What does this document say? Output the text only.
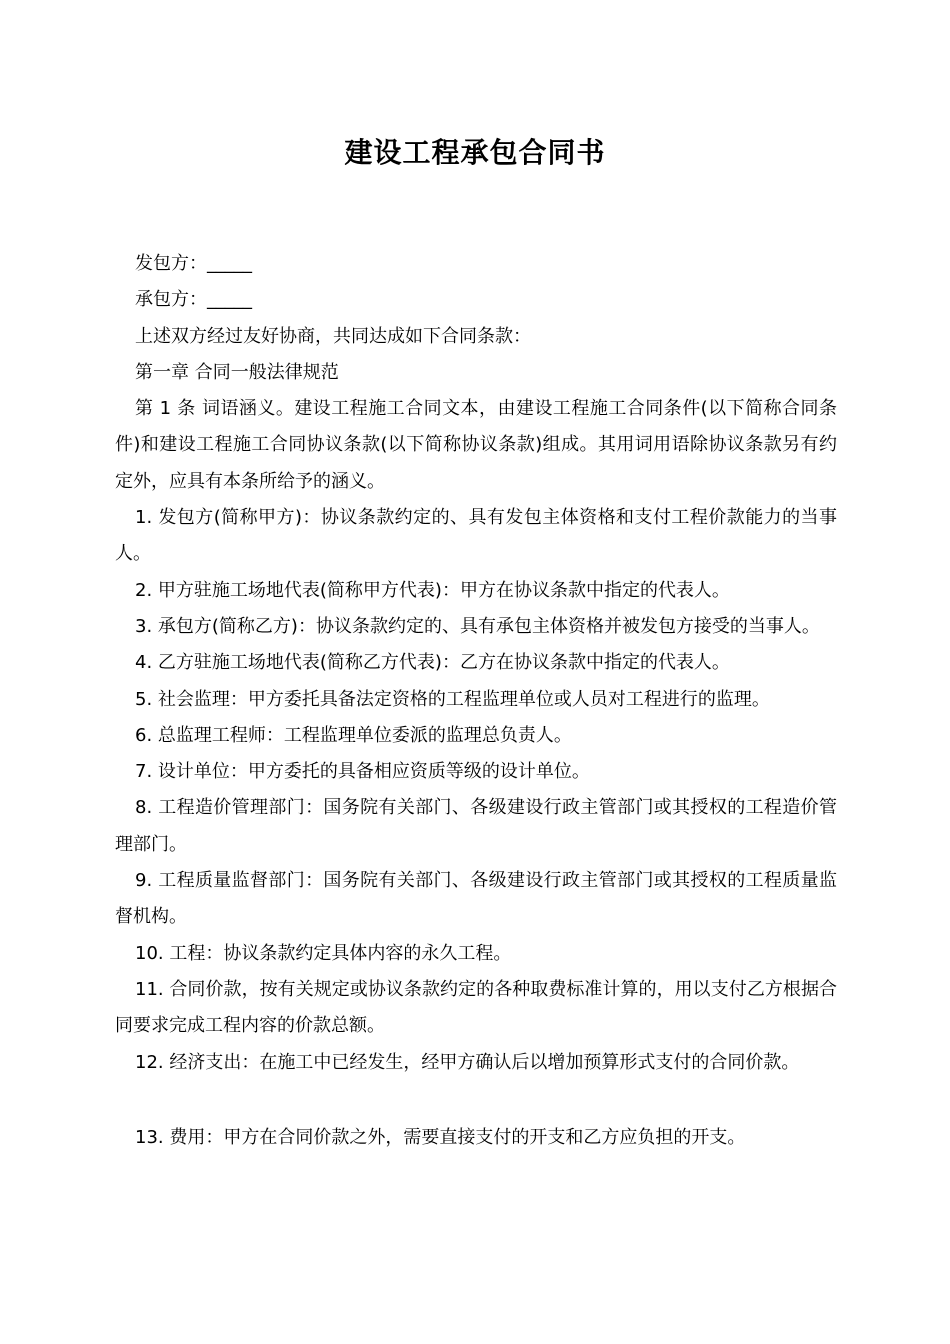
建设工程承包合同书

发包方：_____

承包方：_____

上述双方经过友好协商，共同达成如下合同条款：

第一章 合同一般法律规范

第 1 条 词语涵义。建设工程施工合同文本，由建设工程施工合同条件(以下简称合同条件)和建设工程施工合同协议条款(以下简称协议条款)组成。其用词用语除协议条款另有约定外，应具有本条所给予的涵义。

1. 发包方(简称甲方)：协议条款约定的、具有发包主体资格和支付工程价款能力的当事人。

2. 甲方驻施工场地代表(简称甲方代表)：甲方在协议条款中指定的代表人。

3. 承包方(简称乙方)：协议条款约定的、具有承包主体资格并被发包方接受的当事人。

4. 乙方驻施工场地代表(简称乙方代表)：乙方在协议条款中指定的代表人。

5. 社会监理：甲方委托具备法定资格的工程监理单位或人员对工程进行的监理。

6. 总监理工程师：工程监理单位委派的监理总负责人。

7. 设计单位：甲方委托的具备相应资质等级的设计单位。

8. 工程造价管理部门：国务院有关部门、各级建设行政主管部门或其授权的工程造价管理部门。

9. 工程质量监督部门：国务院有关部门、各级建设行政主管部门或其授权的工程质量监督机构。

10. 工程：协议条款约定具体内容的永久工程。

11. 合同价款，按有关规定或协议条款约定的各种取费标准计算的，用以支付乙方根据合同要求完成工程内容的价款总额。

12. 经济支出：在施工中已经发生，经甲方确认后以增加预算形式支付的合同价款。

13. 费用：甲方在合同价款之外，需要直接支付的开支和乙方应负担的开支。
